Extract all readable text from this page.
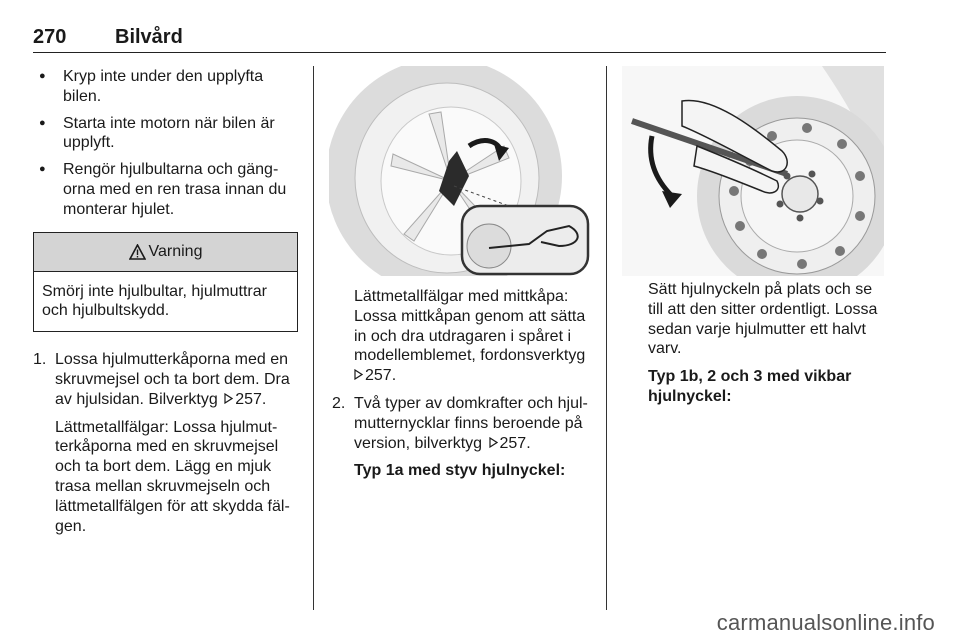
270 Bilvård
● Kryp inte under den upplyfta bilen.
● Starta inte motorn när bilen är upplyft.
● Rengör hjulbultarna och gängorna med en ren trasa innan du monterar hjulet.
Varning
Smörj inte hjulbultar, hjulmuttrar och hjulbultskydd.
1. Lossa hjulmutterkåporna med en skruvmejsel och ta bort dem. Dra av hjulsidan. Bilverktyg 257.

Lättmetallfälgar: Lossa hjulmutterkåporna med en skruvmejsel och ta bort dem. Lägg en mjuk trasa mellan skruvmejseln och lättmetallfälgen för att skydda fälgen.

Lättmetallfälgar med mittkåpa: Lossa mittkåpan genom att sätta in och dra utdragaren i spåret i modellemblemet, fordonsverktyg
257.

2. Två typer av domkrafter och hjulmutternycklar finns beroende på version, bilverktyg 257.

Typ 1a med styv hjulnyckel:

Sätt hjulnyckeln på plats och se till att den sitter ordentligt. Lossa sedan varje hjulmutter ett halvt varv.

Typ 1b, 2 och 3 med vikbar hjulnyckel:

carmanualsonline.info
